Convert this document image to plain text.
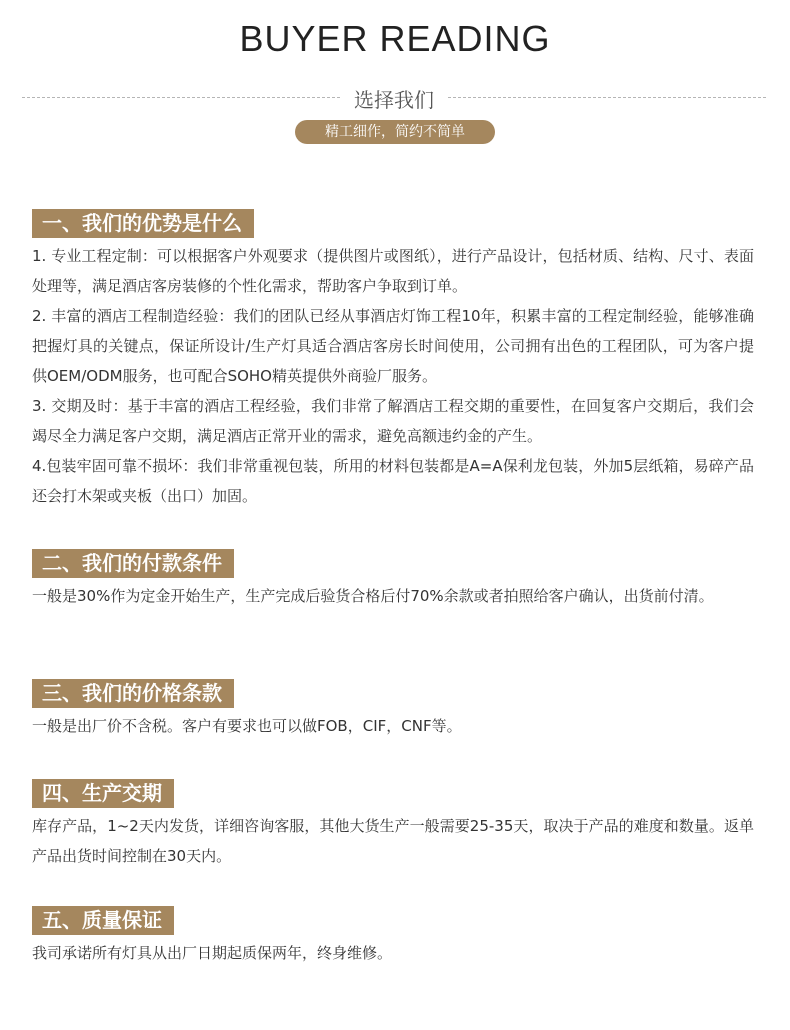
BUYER READING
选择我们
精工细作，简约不简单
一、我们的优势是什么

1. 专业工程定制：可以根据客户外观要求（提供图片或图纸），进行产品设计，包括材质、结构、尺寸、表面处理等，满足酒店客房装修的个性化需求，帮助客户争取到订单。

2. 丰富的酒店工程制造经验：我们的团队已经从事酒店灯饰工程10年，积累丰富的工程定制经验，能够准确把握灯具的关键点，保证所设计/生产灯具适合酒店客房长时间使用，公司拥有出色的工程团队，可为客户提供OEM/ODM服务，也可配合SOHO精英提供外商验厂服务。

3. 交期及时：基于丰富的酒店工程经验，我们非常了解酒店工程交期的重要性，在回复客户交期后，我们会竭尽全力满足客户交期，满足酒店正常开业的需求，避免高额违约金的产生。

4.包装牢固可靠不损坏：我们非常重视包装，所用的材料包装都是A=A保利龙包装，外加5层纸箱，易碎产品还会打木架或夹板（出口）加固。

二、我们的付款条件

一般是30%作为定金开始生产，生产完成后验货合格后付70%余款或者拍照给客户确认，出货前付清。

三、我们的价格条款

一般是出厂价不含税。客户有要求也可以做FOB，CIF，CNF等。

四、生产交期

库存产品，1~2天内发货，详细咨询客服，其他大货生产一般需要25-35天，取决于产品的难度和数量。返单产品出货时间控制在30天内。

五、质量保证

我司承诺所有灯具从出厂日期起质保两年，终身维修。
